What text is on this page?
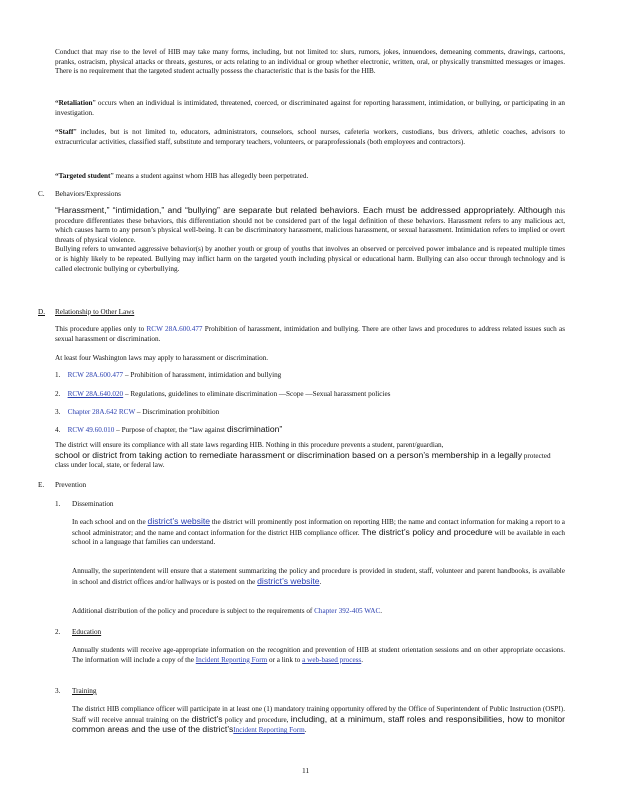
Conduct that may rise to the level of HIB may take many forms, including, but not limited to: slurs, rumors, jokes, innuendoes, demeaning comments, drawings, cartoons, pranks, ostracism, physical attacks or threats, gestures, or acts relating to an individual or group whether electronic, written, oral, or physically transmitted messages or images. There is no requirement that the targeted student actually possess the characteristic that is the basis for the HIB.
“Retaliation” occurs when an individual is intimidated, threatened, coerced, or discriminated against for reporting harassment, intimidation, or bullying, or participating in an investigation.
“Staff” includes, but is not limited to, educators, administrators, counselors, school nurses, cafeteria workers, custodians, bus drivers, athletic coaches, advisors to extracurricular activities, classified staff, substitute and temporary teachers, volunteers, or paraprofessionals (both employees and contractors).
“Targeted student” means a student against whom HIB has allegedly been perpetrated.
C. Behaviors/Expressions
“Harassment,” “intimidation,” and “bullying” are separate but related behaviors. Each must be addressed appropriately. Although this procedure differentiates these behaviors, this differentiation should not be considered part of the legal definition of these behaviors. Harassment refers to any malicious act, which causes harm to any person’s physical well-being. It can be discriminatory harassment, malicious harassment, or sexual harassment. Intimidation refers to implied or overt threats of physical violence.
Bullying refers to unwanted aggressive behavior(s) by another youth or group of youths that involves an observed or perceived power imbalance and is repeated multiple times or is highly likely to be repeated. Bullying may inflict harm on the targeted youth including physical or educational harm. Bullying can also occur through technology and is called electronic bullying or cyberbullying.
D. Relationship to Other Laws
This procedure applies only to RCW 28A.600.477 Prohibition of harassment, intimidation and bullying. There are other laws and procedures to address related issues such as sexual harassment or discrimination.
At least four Washington laws may apply to harassment or discrimination.
1. RCW 28A.600.477 – Prohibition of harassment, intimidation and bullying
2. RCW 28A.640.020 – Regulations, guidelines to eliminate discrimination —Scope —Sexual harassment policies
3. Chapter 28A.642 RCW – Discrimination prohibition
4. RCW 49.60.010 – Purpose of chapter, the “law against discrimination”
The district will ensure its compliance with all state laws regarding HIB. Nothing in this procedure prevents a student, parent/guardian,
school or district from taking action to remediate harassment or discrimination based on a person’s membership in a legally protected
class under local, state, or federal law.
E. Prevention
1. Dissemination
In each school and on the district’s website the district will prominently post information on reporting HIB; the name and contact information for making a report to a school administrator; and the name and contact information for the district HIB compliance officer. The district’s policy and procedure will be available in each school in a language that families can understand.
Annually, the superintendent will ensure that a statement summarizing the policy and procedure is provided in student, staff, volunteer and parent handbooks, is available in school and district offices and/or hallways or is posted on the district’s website.
Additional distribution of the policy and procedure is subject to the requirements of Chapter 392-405 WAC.
2. Education
Annually students will receive age-appropriate information on the recognition and prevention of HIB at student orientation sessions and on other appropriate occasions. The information will include a copy of the Incident Reporting Form or a link to a web-based process.
3. Training
The district HIB compliance officer will participate in at least one (1) mandatory training opportunity offered by the Office of Superintendent of Public Instruction (OSPI). Staff will receive annual training on the district’s policy and procedure, including, at a minimum, staff roles and responsibilities, how to monitor common areas and the use of the district’sIncident Reporting Form.
11
